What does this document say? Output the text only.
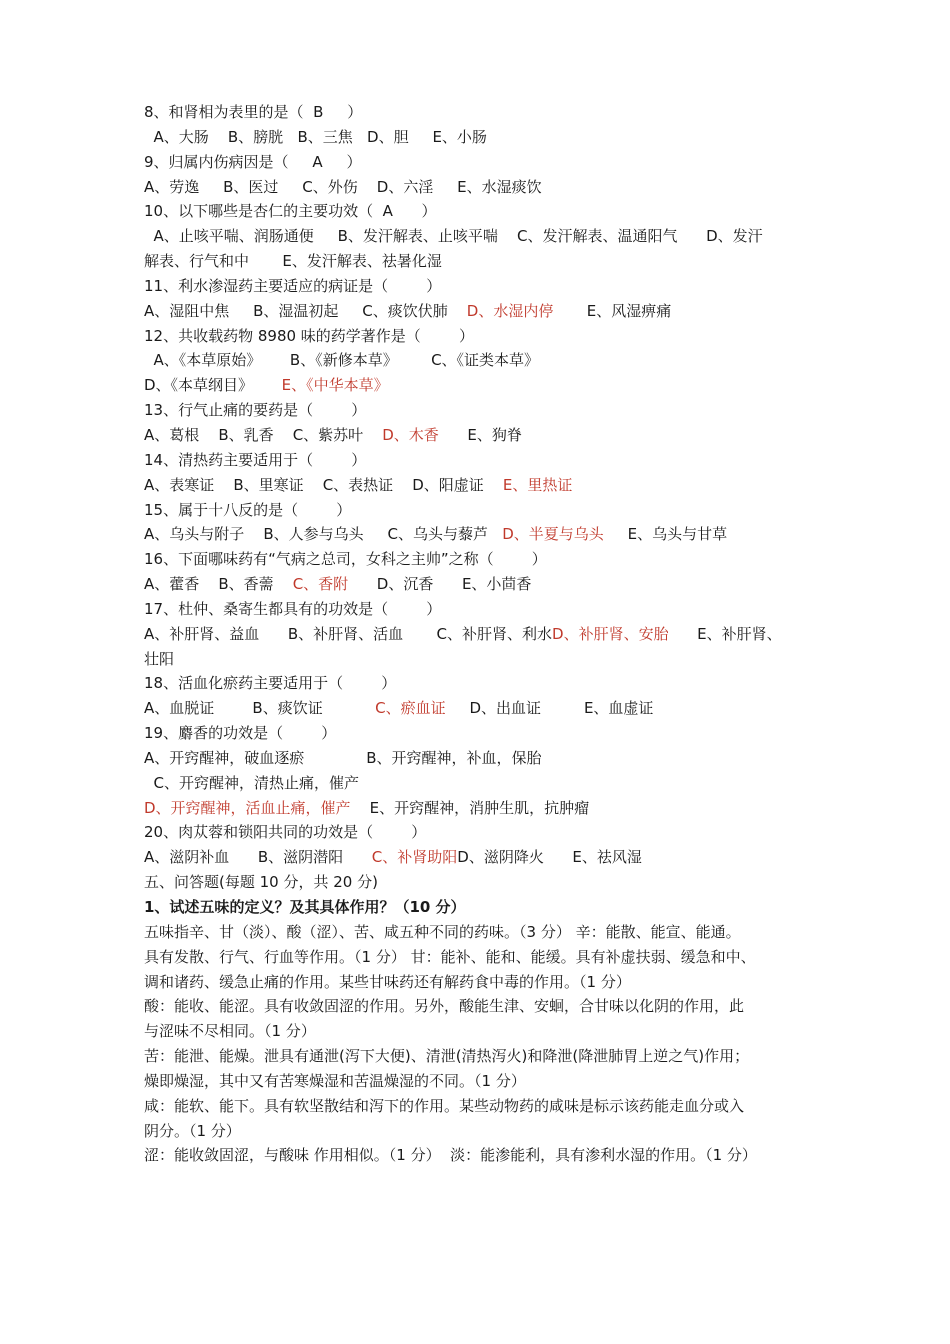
8、和肾相为表里的是（  B     ）
A、大肠    B、膀胱   B、三焦   D、胆     E、小肠
9、归属内伤病因是（     A     ）
A、劳逸     B、医过     C、外伤    D、六淫     E、水湿痰饮
10、以下哪些是杏仁的主要功效（  A      ）
A、止咳平喘、润肠通便     B、发汗解表、止咳平喘    C、发汗解表、温通阳气      D、发汗
解表、行气和中       E、发汗解表、祛暑化湿
11、利水渗湿药主要适应的病证是（        ）
A、湿阻中焦     B、湿温初起     C、痰饮伏肺    D、水湿内停       E、风湿痹痛
12、共收载药物 8980 味的药学著作是（        ）
A、《本草原始》      B、《新修本草》       C、《证类本草》
D、《本草纲目》      E、《中华本草》
13、行气止痛的要药是（        ）
A、葛根    B、乳香    C、紫苏叶    D、木香      E、狗脊
14、清热药主要适用于（        ）
A、表寒证    B、里寒证    C、表热证    D、阳虚证    E、里热证
15、属于十八反的是（        ）
A、乌头与附子    B、人参与乌头     C、乌头与藜芦   D、半夏与乌头     E、乌头与甘草
16、下面哪味药有“气病之总司，女科之主帅”之称（        ）
A、藿香    B、香薷    C、香附      D、沉香      E、小茴香
17、杜仲、桑寄生都具有的功效是（        ）
A、补肝肾、益血      B、补肝肾、活血       C、补肝肾、利水D、补肝肾、安胎      E、补肝肾、
壮阳
18、活血化瘀药主要适用于（        ）
A、血脱证        B、痰饮证           C、瘀血证     D、出血证         E、血虚证
19、麝香的功效是（        ）
A、开窍醒神，破血逐瘀             B、开窍醒神，补血，保胎
C、开窍醒神，清热止痛，催产
D、开窍醒神，活血止痛，催产    E、开窍醒神，消肿生肌，抗肿瘤
20、肉苁蓉和锁阳共同的功效是（        ）
A、滋阴补血      B、滋阴潜阳      C、补肾助阳D、滋阴降火      E、祛风湿
五、问答题(每题 10 分，共 20 分)
1、试述五味的定义？及其具体作用？（10 分）
五味指辛、甘（淡）、酸（涩）、苦、咸五种不同的药味。（3 分） 辛：能散、能宣、能通。
具有发散、行气、行血等作用。（1 分） 甘：能补、能和、能缓。具有补虚扶弱、缓急和中、
调和诸药、缓急止痛的作用。某些甘味药还有解药食中毒的作用。（1 分）
酸：能收、能涩。具有收敛固涩的作用。另外，酸能生津、安蛔，合甘味以化阴的作用，此
与涩味不尽相同。（1 分）
苦：能泄、能燥。泄具有通泄(泻下大便)、清泄(清热泻火)和降泄(降泄肺胃上逆之气)作用；
燥即燥湿，其中又有苦寒燥湿和苦温燥湿的不同。（1 分）
咸：能软、能下。具有软坚散结和泻下的作用。某些动物药的咸味是标示该药能走血分或入
阴分。（1 分）
涩：能收敛固涩，与酸味 作用相似。（1 分）  淡：能渗能利，具有渗利水湿的作用。（1 分）
